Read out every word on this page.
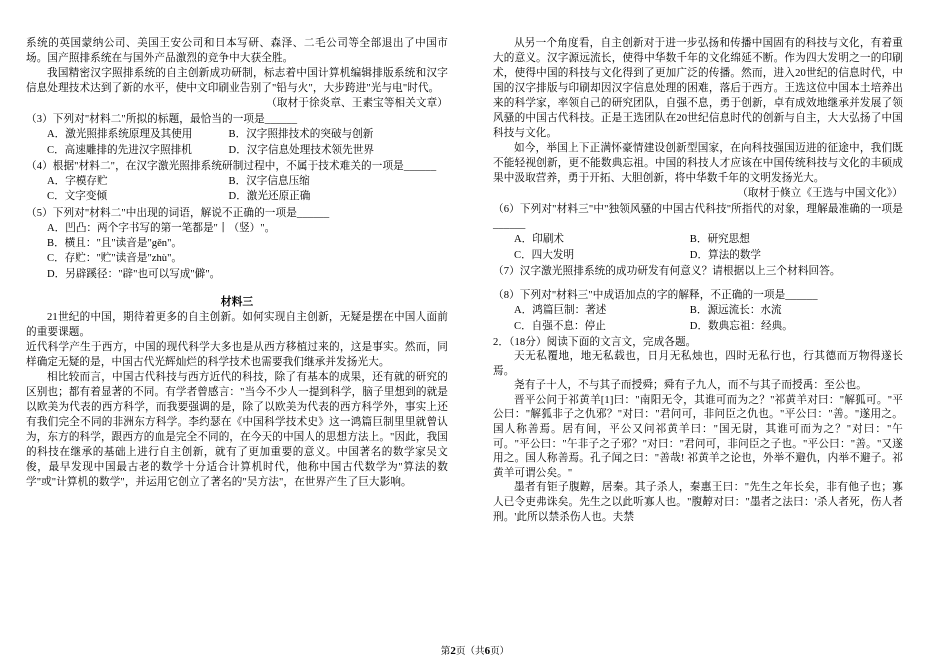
系统的英国蒙纳公司、美国王安公司和日本写研、森泽、二毛公司等全部退出了中国市场。国产照排系统在与国外产品激烈的竞争中大获全胜。

我国精密汉字照排系统的自主创新成功研制，标志着中国计算机编辑排版系统和汉字信息处理技术达到了新的水平，使中文印刷业告别了"铅与火"，大步跨进"光与电"时代。

（取材于徐炎章、王素宝等相关文章）

（3）下列对"材料二"所拟的标题，最恰当的一项是______

A．激光照排系统原理及其使用	B．汉字照排技术的突破与创新
C．高速雕排的先进汉字照排机	D．汉字信息处理技术领先世界

（4）根据"材料二"，在汉字激光照排系统研制过程中，不属于技术难关的一项是______

A．字模存贮	B．汉字信息压缩
C．文字变倾	D．激光还原正确

（5）下列对"材料二"中出现的词语，解说不正确的一项是______

A．凹凸：两个字书写的第一笔都是"丨（竖）"。
B．横且："且"读音是"gěn"。
C．存贮："贮"读音是"zhù"。
D．另辟蹊径："辟"也可以写成"僻"。
材料三

21世纪的中国，期待着更多的自主创新。如何实现自主创新，无疑是摆在中国人面前的重要课题。

近代科学产生于西方，中国的现代科学大多也是从西方移植过来的，这是事实。然而，同样确定无疑的是，中国古代光辉灿烂的科学技术也需要我们继承并发扬光大。

相比较而言，中国古代科技与西方近代的科技，除了有基本的成果，还有就的研究的区别也；都有着显著的不同。有学者曾感言："当今不少人一提到科学，脑子里想到的就是以欧美为代表的西方科学，而我要强调的是，除了以欧美为代表的西方科学外，事实上还有我们完全不同的非洲东方科学。李约瑟在《中国科学技术史》这一鸿篇巨制里里就曾认为，东方的科学，跟西方的血是完全不同的，在今天的中国人的思想方法上。"因此，我国的科技在继承的基础上进行自主创新，就有了更加重要的意义。中国著名的数学家吴文俊，最早发现中国最古老的数学十分适合计算机时代，他称中国古代数学为"算法的数学"或"计算机的数学"，并运用它创立了著名的"吴方法"，在世界产生了巨大影响。

从另一个角度看，自主创新对于进一步弘扬和传播中国固有的科技与文化，有着重大的意义。汉字源远流长，使得中华数千年的文化绵延不断。作为四大发明之一的印刷术，使得中国的科技与文化得到了更加广泛的传播。然而，进入20世纪的信息时代，中国的汉字排版与印刷却因汉字信息处理的困难，落后于西方。王选这位中国本土培养出来的科学家，率领自己的研究团队，自强不息，勇于创新，卓有成效地继承并发展了领风骚的中国古代科技。正是王选团队在20世纪信息时代的创新与自主，大大弘扬了中国科技与文化。

如今，举国上下正满怀豪情建设创新型国家，在向科技强国迈进的征途中，我们既不能轻视创新，更不能数典忘祖。中国的科技人才应该在中国传统科技与文化的丰硕成果中汲取营养，勇于开拓、大胆创新，将中华数千年的文明发扬光大。

（取材于倏立《王选与中国文化》）

（6）下列对"材料三"中"独领风骚的中国古代科技"所指代的对象，理解最准确的一项是______

A．印刷术	B．研究思想
C．四大发明	D．算法的数学

（7）汉字激光照排系统的成功研发有何意义？请根据以上三个材料回答。

（8）下列对"材料三"中成语加点的字的解释，不正确的一项是______

A．鸿篇巨制：著述	B．源远流长：水流
C．自强不息：停止	D．数典忘祖：经典。

2．（18分）阅读下面的文言文，完成各题。

天无私覆地，地无私载也，日月无私烛也，四时无私行也，行其德而万物得遂长焉。

尧有子十人，不与其子而授舜；舜有子九人，而不与其子而授禹：至公也。

晋平公问于祁黄羊[1]曰："南阳无令，其谁可而为之？"祁黄羊对曰："解狐可。"平公曰："解狐非子之仇邪？"对曰："君问可，非问臣之仇也。"平公曰："善。"遂用之。国人称善焉。居有间，平公又问祁黄羊曰："国无尉，其谁可而为之？"对曰："午可。"平公曰："午非子之子邪？"对曰："君问可，非问臣之子也。"平公曰："善。"又遂用之。国人称善焉。孔子闻之曰："善哉! 祁黄羊之论也，外举不避仇，内举不避子。祁黄羊可谓公矣。"

墨者有钜子腹䵍，居秦。其子杀人，秦惠王曰："先生之年长矣，非有他子也；寡人已令吏弗诛矣。先生之以此听寡人也。"腹䵍对曰："墨者之法曰：'杀人者死，伤人者刑。'此所以禁杀伤人也。夫禁

第2页（共6页）
